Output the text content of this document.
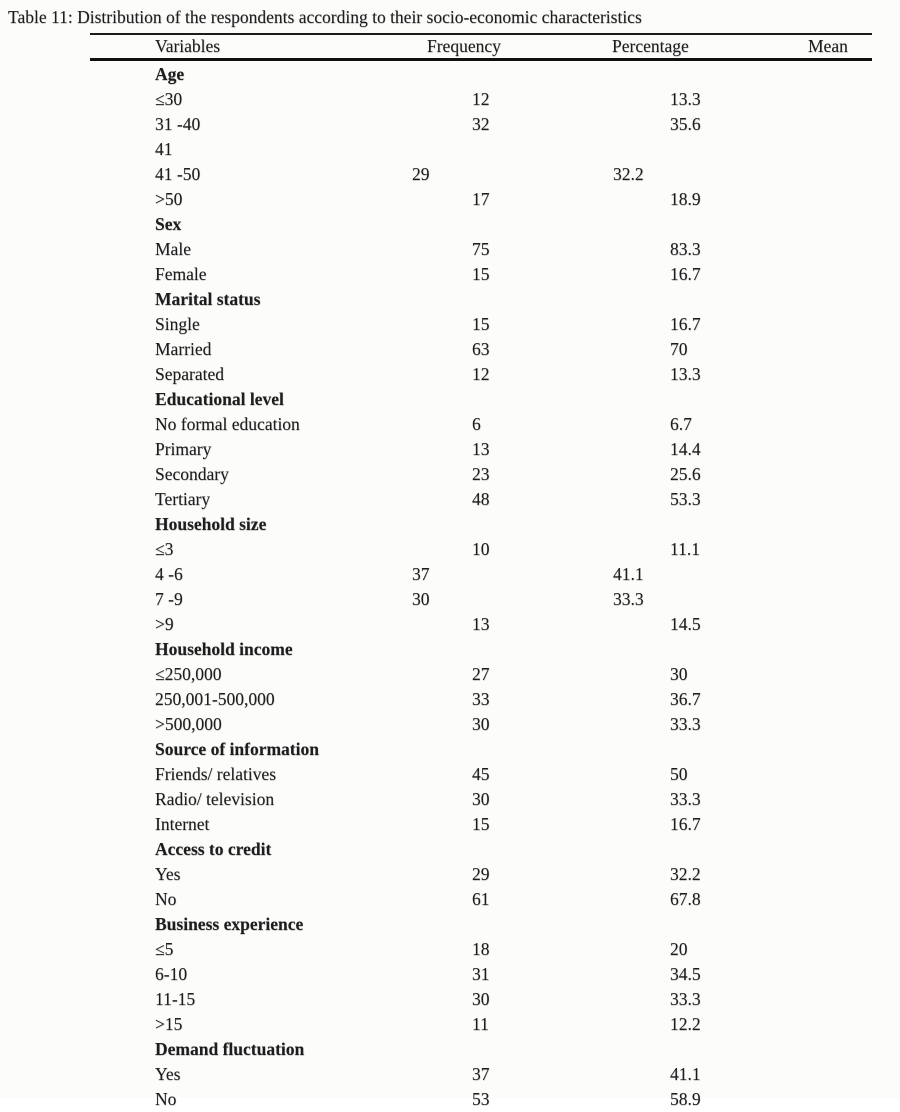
Table 11: Distribution of the respondents according to their socio-economic characteristics
Variables	Frequency	Percentage	Mean
Age
≤30	12	13.3
31 -40	32	35.6
41
41 -50	29	32.2
>50	17	18.9
Sex
Male	75	83.3
Female	15	16.7
Marital status
Single	15	16.7
Married	63	70
Separated	12	13.3
Educational level
No formal education	6	6.7
Primary	13	14.4
Secondary	23	25.6
Tertiary	48	53.3
Household size
≤3	10	11.1
4 -6	37	41.1
7 -9	30	33.3
>9	13	14.5
Household income
≤250,000	27	30
250,001-500,000	33	36.7
>500,000	30	33.3
Source of information
Friends/ relatives	45	50
Radio/ television	30	33.3
Internet	15	16.7
Access to credit
Yes	29	32.2
No	61	67.8
Business experience
≤5	18	20
6-10	31	34.5
11-15	30	33.3
>15	11	12.2
Demand fluctuation
Yes	37	41.1
No	53	58.9
